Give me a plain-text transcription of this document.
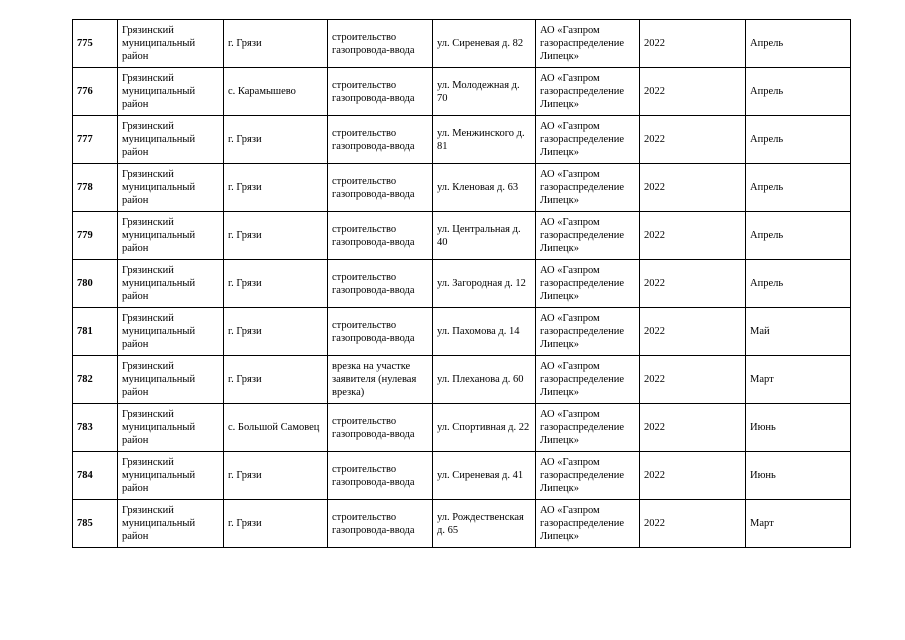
775	Грязинский муниципальный район	г. Грязи	строительство газопровода-ввода	ул. Сиреневая д. 82	АО «Газпром газораспределение Липецк»	2022	Апрель
776	Грязинский муниципальный район	с. Карамышево	строительство газопровода-ввода	ул. Молодежная д. 70	АО «Газпром газораспределение Липецк»	2022	Апрель
777	Грязинский муниципальный район	г. Грязи	строительство газопровода-ввода	ул. Менжинского д. 81	АО «Газпром газораспределение Липецк»	2022	Апрель
778	Грязинский муниципальный район	г. Грязи	строительство газопровода-ввода	ул. Кленовая д. 63	АО «Газпром газораспределение Липецк»	2022	Апрель
779	Грязинский муниципальный район	г. Грязи	строительство газопровода-ввода	ул. Центральная д. 40	АО «Газпром газораспределение Липецк»	2022	Апрель
780	Грязинский муниципальный район	г. Грязи	строительство газопровода-ввода	ул. Загородная д. 12	АО «Газпром газораспределение Липецк»	2022	Апрель
781	Грязинский муниципальный район	г. Грязи	строительство газопровода-ввода	ул. Пахомова д. 14	АО «Газпром газораспределение Липецк»	2022	Май
782	Грязинский муниципальный район	г. Грязи	врезка на участке заявителя (нулевая врезка)	ул. Плеханова д. 60	АО «Газпром газораспределение Липецк»	2022	Март
783	Грязинский муниципальный район	с. Большой Самовец	строительство газопровода-ввода	ул. Спортивная д. 22	АО «Газпром газораспределение Липецк»	2022	Июнь
784	Грязинский муниципальный район	г. Грязи	строительство газопровода-ввода	ул. Сиреневая д. 41	АО «Газпром газораспределение Липецк»	2022	Июнь
785	Грязинский муниципальный район	г. Грязи	строительство газопровода-ввода	ул. Рождественская д. 65	АО «Газпром газораспределение Липецк»	2022	Март
